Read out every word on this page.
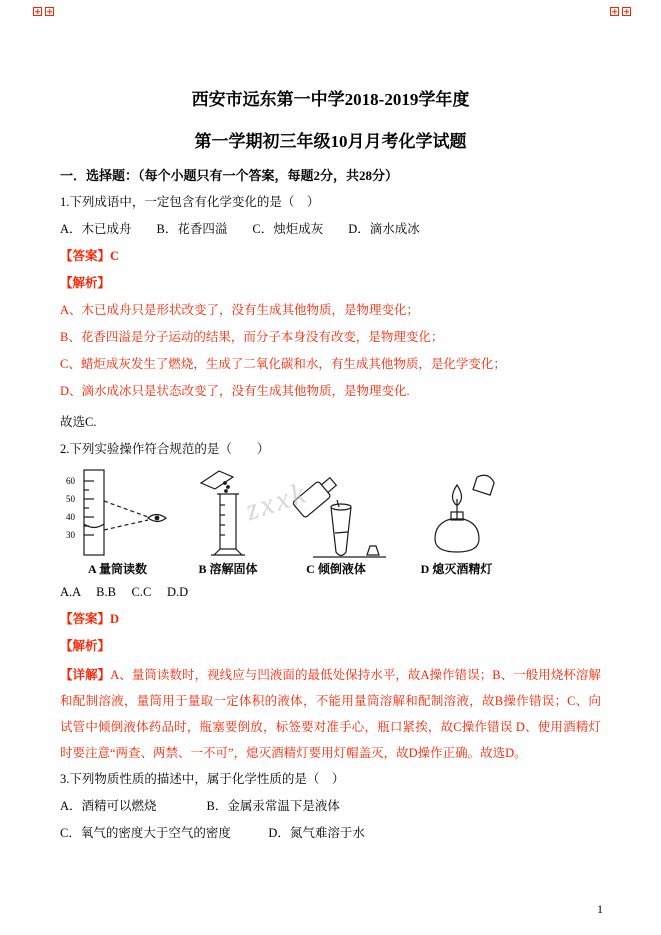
西安市远东第一中学2018-2019学年度
第一学期初三年级10月月考化学试题

一．选择题：（每个小题只有一个答案，每题2分，共28分）

1.下列成语中，一定包含有化学变化的是（　）

A．木已成舟　　B．花香四溢　　C．烛炬成灰　　D．滴水成冰

【答案】C

【解析】

A、木已成舟只是形状改变了，没有生成其他物质，是物理变化；

B、花香四溢是分子运动的结果，而分子本身没有改变，是物理变化；

C、蜡炬成灰发生了燃烧，生成了二氧化碳和水，有生成其他物质，是化学变化；

D、滴水成冰只是状态改变了，没有生成其他物质，是物理变化.

故选C.

2.下列实验操作符合规范的是（　　）

zxxk
60
50
40
30
A 量筒读数	B 溶解固体	C 倾倒液体	D 熄灭酒精灯

A.A　 B.B　 C.C　 D.D

【答案】D

【解析】

【详解】A、量筒读数时，视线应与凹液面的最低处保持水平，故A操作错误；B、一般用烧杯溶解和配制溶液，量筒用于量取一定体积的液体，不能用量筒溶解和配制溶液，故B操作错误；C、向试管中倾倒液体药品时，瓶塞要倒放，标签要对准手心，瓶口紧挨，故C操作错误 D、使用酒精灯时要注意“两查、两禁、一不可”，熄灭酒精灯要用灯帽盖灭，故D操作正确。故选D。

3.下列物质性质的描述中，属于化学性质的是（　）

A．酒精可以燃烧　　　　B．金属汞常温下是液体

C．氧气的密度大于空气的密度　　　D．氮气难溶于水

1
